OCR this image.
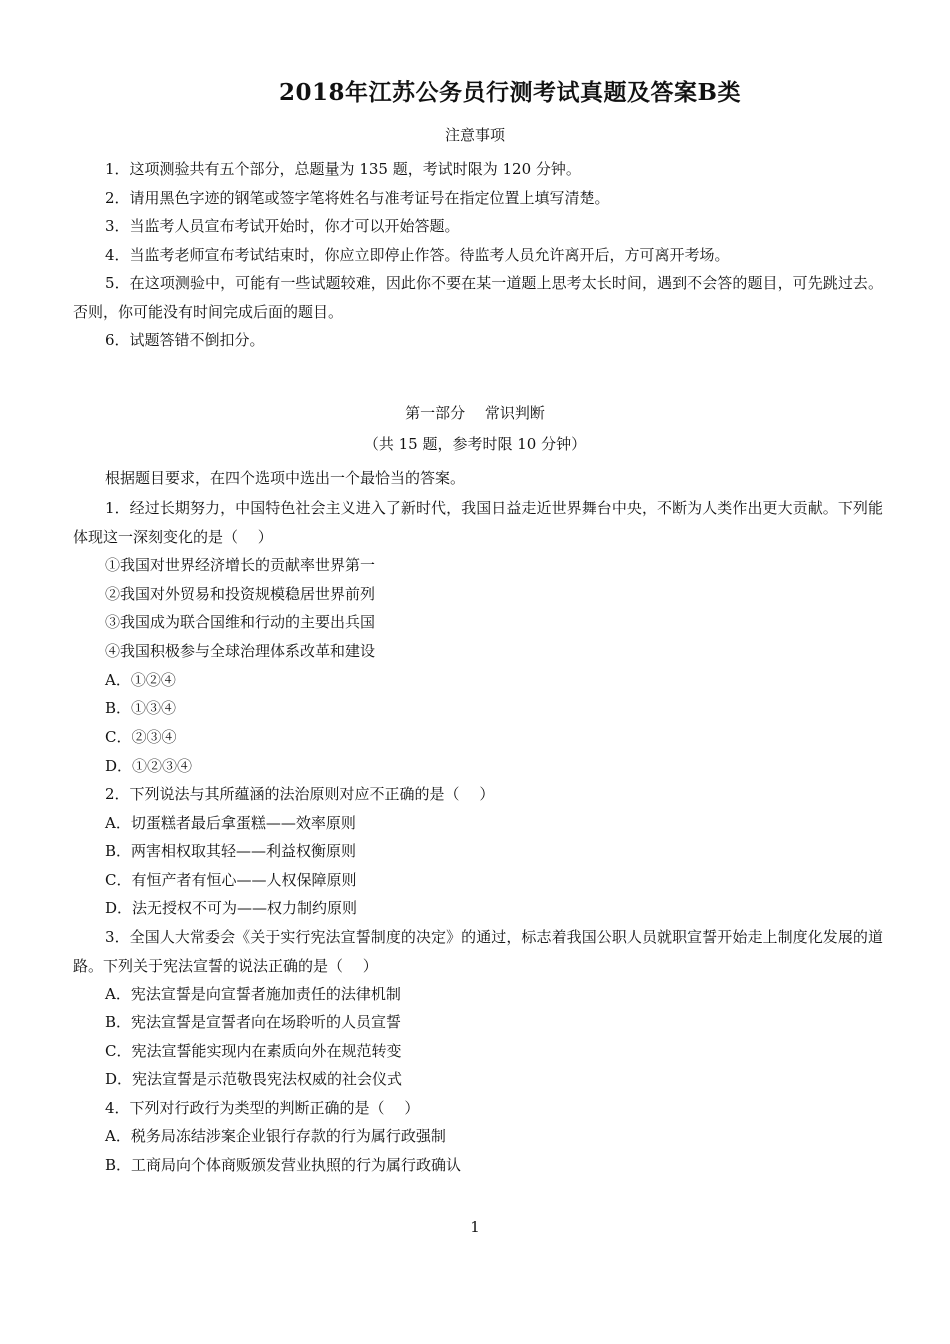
2018年江苏公务员行测考试真题及答案B类
注意事项
1．这项测验共有五个部分，总题量为 135 题，考试时限为 120 分钟。
2．请用黑色字迹的钢笔或签字笔将姓名与准考证号在指定位置上填写清楚。
3．当监考人员宣布考试开始时，你才可以开始答题。
4．当监考老师宣布考试结束时，你应立即停止作答。待监考人员允许离开后，方可离开考场。
5．在这项测验中，可能有一些试题较难，因此你不要在某一道题上思考太长时间，遇到不会答的题目，可先跳过去。否则，你可能没有时间完成后面的题目。
6．试题答错不倒扣分。
第一部分　 常识判断
（共 15 题，参考时限 10 分钟）
根据题目要求，在四个选项中选出一个最恰当的答案。
1．经过长期努力，中国特色社会主义进入了新时代，我国日益走近世界舞台中央，不断为人类作出更大贡献。下列能体现这一深刻变化的是（　 ）
①我国对世界经济增长的贡献率世界第一
②我国对外贸易和投资规模稳居世界前列
③我国成为联合国维和行动的主要出兵国
④我国积极参与全球治理体系改革和建设
A．①②④
B．①③④
C．②③④
D．①②③④
2．下列说法与其所蕴涵的法治原则对应不正确的是（　 ）
A．切蛋糕者最后拿蛋糕——效率原则
B．两害相权取其轻——利益权衡原则
C．有恒产者有恒心——人权保障原则
D．法无授权不可为——权力制约原则
3．全国人大常委会《关于实行宪法宣誓制度的决定》的通过，标志着我国公职人员就职宣誓开始走上制度化发展的道路。下列关于宪法宣誓的说法正确的是（　 ）
A．宪法宣誓是向宣誓者施加责任的法律机制
B．宪法宣誓是宣誓者向在场聆听的人员宣誓
C．宪法宣誓能实现内在素质向外在规范转变
D．宪法宣誓是示范敬畏宪法权威的社会仪式
4．下列对行政行为类型的判断正确的是（　 ）
A．税务局冻结涉案企业银行存款的行为属行政强制
B．工商局向个体商贩颁发营业执照的行为属行政确认
1
